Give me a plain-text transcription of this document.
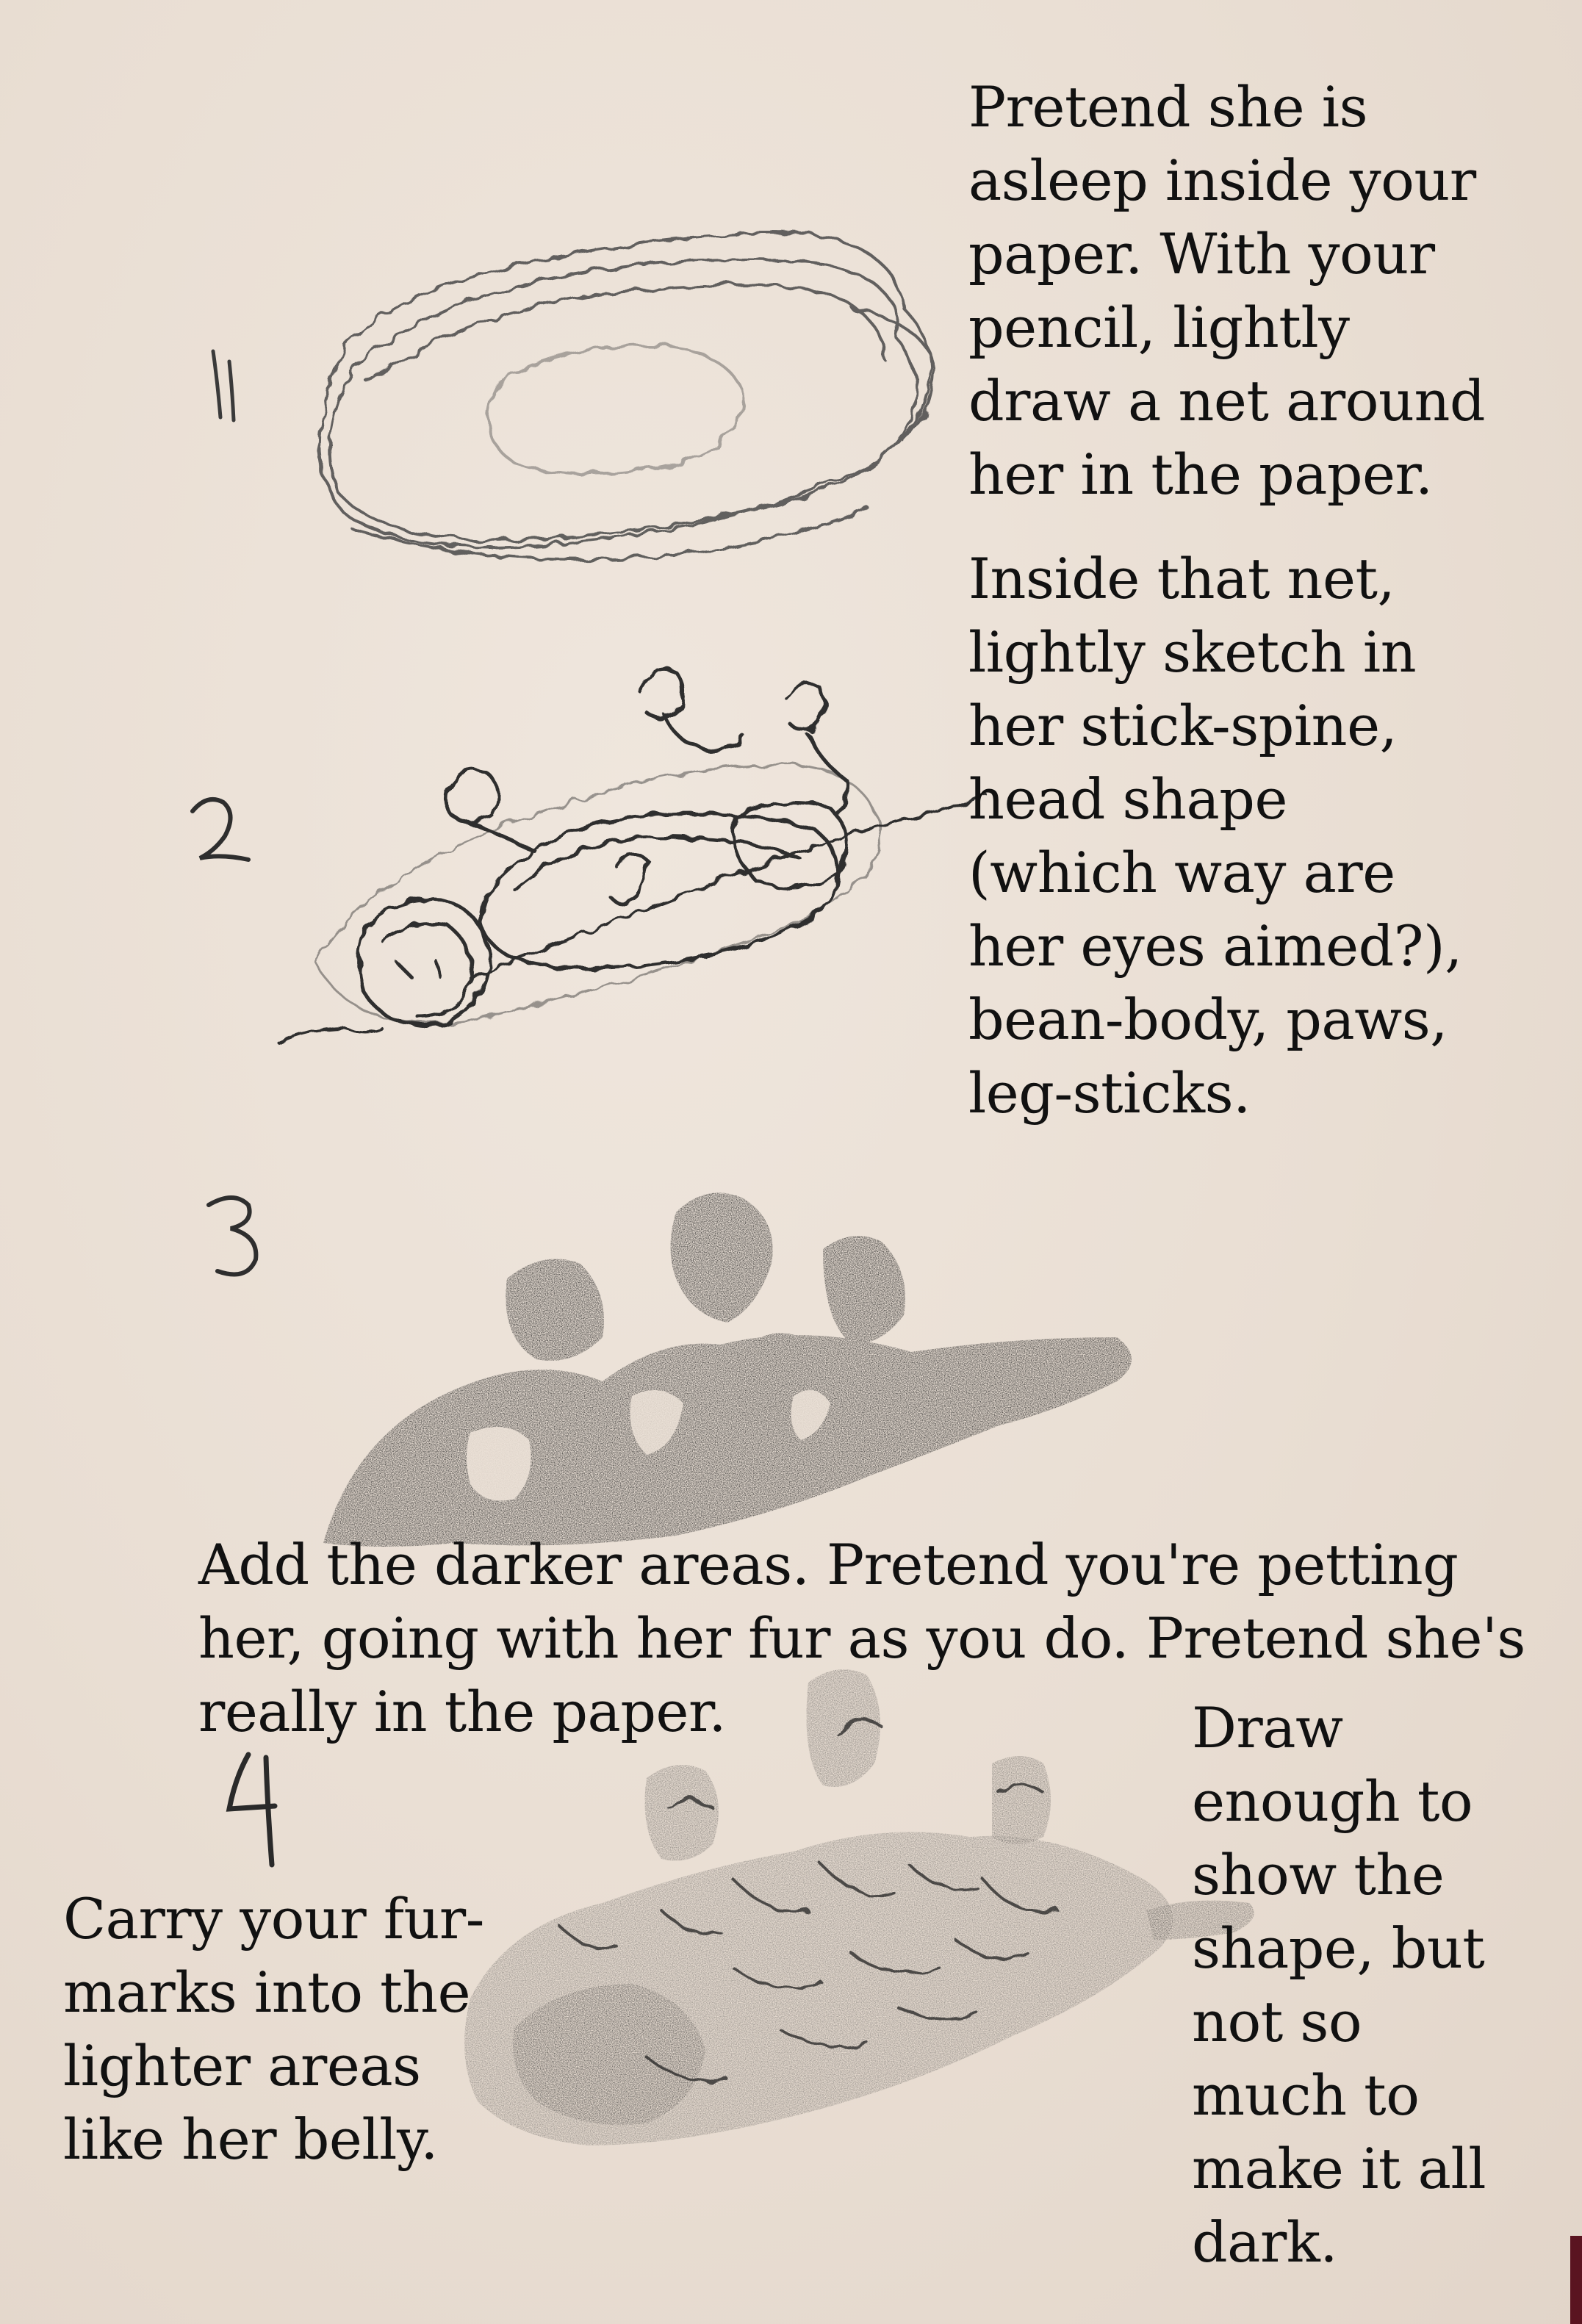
Pretend she is
asleep inside your
paper. With your
pencil, lightly
draw a net around
her in the paper.

Inside that net,
lightly sketch in
her stick-spine,
head shape
(which way are
her eyes aimed?),
bean-body, paws,
leg-sticks.

Add the darker areas. Pretend you're petting
her, going with her fur as you do. Pretend she's
really in the paper.

Carry your fur-
marks into the
lighter areas
like her belly.

Draw
enough to
show the
shape, but
not so
much to
make it all
dark.
